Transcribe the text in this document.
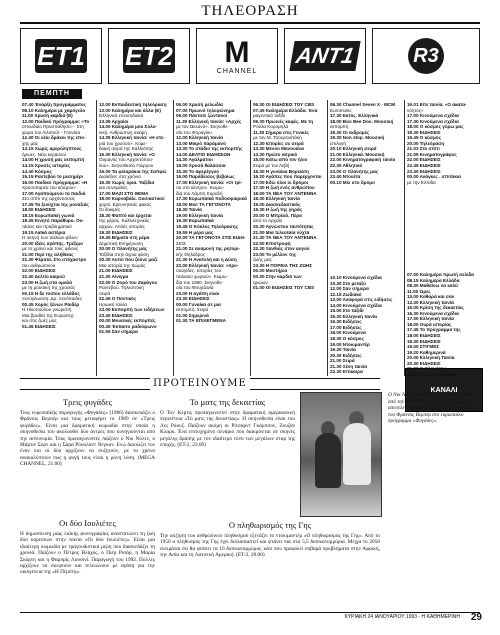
ΤΗΛΕΟΡΑΣΗ
ET1 ET2 M
CHANNEL
ANT1	R3
ΠΕΜΠΤΗ
07.40 Έναρξη προγράμματος
08.10 Καλημέρα με χαμόγελο
11.00 Χρυσή καρδιά (Ε)
12.00 Παιδικό πρόγραμμα: «Το
σπουδαίο Προσπάθησε» - Στη
χώρα του Λιλιπούτ - Γουνίσα
12.40 Οι νέοι δράκοι της επο-
χής μας
13.15 Χωρίς αμερόληπτους
ήρωες. Νέοι κεραυνοί
14.00 Η χρυσή μας εκπομπή
14.15 Χρυσές ιστορίες
14.40 Κόσμος
15.15 Ραντεβού το μεσημέρι
16.00 Παιδικό πρόγραμμα: «Η
Χρυσοπαρέα του κόσμου»
17.00 Αγαπούμενοι τα παιδιά
Στο σπίτι της αρχόντισσας
17.45 Τα ξενύχτια της μοναξιάς
18.00 ΕΙΔΗΣΕΙΣ
18.15 Ευρωπαϊκή γωνιά
18.45 Κινητό παράθυρο. Ου-
τάσεις και προβληματικό
19.15 Λαϊκά αστέρια
Η σκηνή των παλιών φίλων
20.00 Ιδέες αγάπης. Τρέξιμο
με το χρόνο και τους φίλους
21.00 Περί της αλήθειας
21.30 Ψέματα. Στο στόχαστρο
του ανθρώπινου
22.00 ΕΙΔΗΣΕΙΣ
22.40 Δελτίο καιρού
23.00 Η ζωή στα ομαλά
με τη μουσική της χρονιάς
00.15 Η δε τούτου ελλάδος
Ξενόγλωσση. Δρ. Ξενόπαιδες
00.45 Χορός ξένων Ραιδέρ
Η Ηλιοπούλου γνωριστή
Μια βραδιά της Ευρώπης
και στις ζωές μας
01.45 ΕΙΔΗΣΕΙΣ
12.00 Εκπαιδευτική τηλεόραση
13.00 Καλημέρα και άλλα (Ε)
Ελληνικό επεισοδιακό
13.35 Αρχαίοι
14.00 Καλημέρα μου Σολο-
νική. Ανθρώπινη σκέψη
14.35 Ελληνική ταινία: «Η στε-
ριά του χρυσού». Κομε-
διακή σειρά της Καλλιόπης
15.30 Ελληνική ταινία: «Ο
Ουρανός του Αρχοντόπου-
λου». Σκηνοθεσία Γιώργου
16.00 Τα φιλαράκια της Σαπφώ
Διαλέξεις στα χρόνια
16.30 Χωρίς όρια. Ταξίδια
και συνομιλίες
17.00 ΜΑΖΙ ΣΤΟ ΘΕΜΑ
18.00 Καρναβάλι. Ουσιαστικοί
χοροί. Ερευνητικός φακός
Οι δοκιμές
18.30 Φαπτό και έρχεται
της μέρας. Καλλιτεχνικός
αρχών. Απλές ιστορίες
19.30 ΕΙΔΗΣΕΙΣ
19.45 Βήματα στη μέρα
Δημοτική Ενημέρωση
20.00 Ο πλανήτης μας
Ταξίδια στην άγρια φύση
20.30 Αυτοί που ζούνε μαζί
Μια ιστορία της Χώρας
21.00 ΕΙΔΗΣΕΙΣ
21.30 Αίνιγμα
22.00 Ο Ζορό του Ζαράγου
Ραντεβού. Τηλεοπτική
σειρά
22.45 Ο Ποντικός
Ηρωική ταινία
23.00 Εκπομπή των ειδήσεων
23.40 ΕΙΔΗΣΕΙΣ
00.00 Μουσικές εκπομπές
00.45 Έκτακτο ραδιόφωνο
01.55 Σαν σήμερα
06.00 Χρυσή μελωδία
07.00 Πρωινό τηλεφώνημα
09.00 Πάντοτε ζωντανοί
11.30 Ελληνική ταινία: «Αρχές
με τον Ωκεανό». Σκηνοθε-
σία του Φοραγίου
12.00 Ελληνική ταινία
13.00 Μικρό Χαράμανο
13.30 Το στάδιο της εκπομπής
14.00 ΔΕΛΤΙΟ ΕΙΔΗΣΕΩΝ
14.30 Αγαλμάτιοι
15.00 Χρυσά θαλάσσια
15.30 Το αφερέγγυο
16.00 Παράδεισος βεβαίως
17.00 Ελληνική ταινία: «Οι τρί-
τοι στο κέντρο». Κωμω-
δία του Λάμπη Καραλή
17.30 Ευρωπαϊκά ποδοσφαιρικά
18.00 Μινι ΤΑ ΓΕΓΟΝΟΤΑ
18.30 Ταινία
19.00 Ελληνική ταινία
19.30 Ευρωπαϊκά
19.45 Ο Κύκλος Τηλεόρασης
19.55 Η μέρα μας
20.00 ΤΑ ΓΕΓΟΝΟΤΑ ΣΤΙΣ ΕΙΔΗ-
ΣΕΙΣ
21.00 Σε αναμονή της ρητορι-
κής Θηλύδρος
21.30 Η Ανατολή και η Δύση
22.00 Ελληνική ταινία: «Χρυ-
σαυγίδες. Ιστορίες του
παλαιού χωριού». Κωμω-
δία του 1960. Σκηνοθε-
σία του Φουρζανία
23.00 Η αγάπη είναι
23.30 ΕΙΔΗΣΕΙΣ
00.00 Γυναίκα σε μια
εκπομπή. Σειρά
01.00 Σημερινά
01.30 ΤΑ ΕΠΙΛΕΓΜΕΝΑ
06.30 ΟΙ ΕΙΔΗΣΕΙΣ ΤΟΥ CBS
07.45 Καλημέρα Ελλάδα. Ένα
μαγευτικό ταξίδι
09.30 Πρωινές καφές. Με τη
Ρούλα Κορομηλά
11.30 Σήμερα στις Γενικές
με τον Μ. Τσουρουπάκη
12.30 Ιστορίες σε σειρά
13.30 Μενού Μανουάνα
14.30 Πρώτο ιατρικό
15.00 Κάτω από τον ήλιο
Σειρά με τον Λεβή
15.30 Η γυναίκα Βορειάτη
16.20 Αγάπες που παρέρχονται
17.00 Εδώ όλοι οι δρόμοι
17.30 Η ζωή ενός ανθρώπου
18.00 ΤΑ ΝΕΑ ΤΟΥ ΑΝΤΕΝΝΑ
18.30 Ελληνική ταινία
19.00 Διασκεδαστικός
19.30 Η ζωή της γηράς
20.00 Ο Μπρέαλ. Πέρα
από το Αρχαίο
20.30 Αγνώστου ταυτότητας
21.00 Μια τελευταία νύχτα
21.30 ΤΑ ΝΕΑ ΤΟΥ ΑΝΤΕΝΝΑ
22.00 Επιστροφή
22.30 Ξανθιάς στον αυγού
23.00 Το μέλλον της
ζωής μας
23.30 Η ΠΟΡΕΙΑ ΤΗΣ ΖΩΗΣ
00.00 Μυστήρια
00.30 Στην καρδιά των
ηρώων
01.00 ΟΙ ΕΙΔΗΣΕΙΣ ΤΟΥ CBS
06.30 Channel Seven X - MCM
Euromusic
17.30 Εκτός. Ελληνικά
18.00 Boo Bee Doo. Μουσική
εκπομπή
18.30 Οι εκδρομές
19.30 Non stop. Μουσική
επιλογή
20.10 Ελληνική σειρά
21.00 Ελληνικά. Μουσική
22.00 Κινηματογραφική ταινία
22.30 Αθλητικό
23.00 Ο πλανήτης μας
23.40 Ντουέτα
00.10 Mix στο δρόμο
16.01 Είτε ταινία. «Ο ακατα-
νόητος»
17.00 Κινούμενα σχέδια
17.30 Κινούμενα σχέδια
18.00 Ο κόσμος γύρω μας
19.30 ΕΙΔΗΣΕΙΣ
19.45 Ο κόσμος
20.00 Τηλεόραση
21.03 Στο σπίτι
21.05 Κινηματογράφος
22.00 ΕΙΔΗΣΕΙΣ
22.45 ΕΙΔΗΣΕΙΣ
23.40 ΕΙΔΗΣΕΙΣ
00.00 Ανάγκες . σπιτάκια
με την Ελπίδα
10.10 Κινούμενα σχέδια
10.30 Στο μεταξύ
12.00 Σαν σήμερα
12.15 Ζωδιακό
13.00 Αναφορά στις ειδήσεις
14.00 Κινούμενα σχέδια
15.00 Στο ταξίδι
15.30 Ελληνική ταινία
16.30 Ειδήσεις
17.00 Ειδήσεις
18.00 Κινούμενα
18.30 Ο κόσμος
19.00 Ντοκιμαντέρ
19.30 Ταινία
20.30 Ειδήσεις
21.00 Σειρά
21.30 Ξένη ταινία
22.30 Επίκαιρα
ΚΑΝΑΛΙ
07.00 Καλημέρα πρωτή σελίδα
08.15 Καλημέρα Ελλάδα
08.30 Μαθαίνω να καλύ
11.00 Ώρες
13.00 Καθαρά και σαν
13.30 Ελληνική ταινία
15.00 Κρίση της δεκαετίας
16.30 Κινούμενα σχέδια
17.00 Ελληνική ταινία
18.00 Ουρά ιστορίας
17.45 Το πρόγραμμα της
18.00 ΕΙΔΗΣΕΙΣ
18.30 ΕΙΔΗΣΕΙΣ
19.00 ΣΤΙΓΜΕΣ
19.20 Καθημερινά
20.00 Ελληνική Ταινία
20.30 ΕΙΔΗΣΕΙΣ
21.00 Ο πλανήτης
21.30 Κινηματογράφος
ΠΡΟΤΕΙΝΟΥΜΕ
Τρεις φυγάδες
Τους ευρωπαϊκής παραγωγής «Φυγάδες» (1986) διασκευάζει ο Φράνσις Βεμπέρ και τους μεταφέρει το 1989 σε «Τρεις φυγάδες». Είναι μια δραματική κωμωδία στην οποία η σκηνοθεσία του ακολουθεί δύο άντρες που κυνηγιούνται από την αστυνομία. Τους πρωταγωνιστές παίζουν ο Νικ Νόλτε, ο Μάρτιν Σορτ και η Σάρα Ρόουλαντ Νεγκαν. Ενώ διασώζει τον έναν και οι δύο αρχίζουν να συζητούν, με το χρόνο ανακαλύπτουν πως η φυγή τους είναι η μόνη λύση. (MEGA CHANNEL, 21.00)
Οι δύο Ιουλιέτες
Η δημοσίευση μιας λαϊκής φωτογραφίας αναστατώνει τη ζωή δύο κοριτσιών στην ταινία «Οι δύο Ιουλιέτες». Είναι μια ιδιαίτερη κωμωδία με τραγουδιστικά μέρη που διασκεδάζει τη χρονιά. Παίζουν ο Πέτρος Βλάχος, ο Πιέρ Ρισάρ, η Μαρία Σκόρτη και η Φαμπρίς Λουσινί. Παραγωγή του 1992. Πολλές αρχίζουν να σκεφτούν και τελειώνουν με αγάπη για την οικογένεια της «Η Πέμπτη».
Το ματς της δεκαετίας
Ο Τον Κέρτις πρωταγωνιστεί στην δραματική αμερικανική περιπέτεια «Το ματς της δεκαετίας». Η σκηνοθεσία είναι του Λες Ρόουζ. Παίζουν ακόμη οι Ρίτσαρντ Γκάμπσον, Ζουζάν Κλαρκ. Ένα επιτυχημένο σενάριο που διακρίνεται σε σκηνές μεγάλης δράσης με τον ιδιαίτερο τόνο των μεγάλων σταρ της εποχής. (ΕΤ-2, 23.00)
Ο Νικ Νόλτε και ο Μάρτιν Σορτ σε σκηνή από την περιπέτεια «Τρεις φυγάδες», που αποτελεί διασκευή της γαλλικής κωμωδίας του Φράνσις Βεμπέρ στο ευρωπαϊκό πρόγραμμα «Φυγάδες».
Ο πληθωρισμός της Γης
Την αύξηση του ανθρώπινου πληθυσμού εξετάζει το ντοκιμαντέρ «Ο πληθωρισμός της Γης». Από το 1950 ο πληθυσμός της Γης έχει διπλασιαστεί και φτάνει πια στα 5,5 δισεκατομμύρια. Μέχρι το 2050 εκτιμάται ότι θα φτάσει τα 10 δισεκατομμύρια, κάτι που προκαλεί σοβαρά προβλήματα στην Αφρική, την Ασία και τη Λατινική Αμερική. (ΕΤ-2, 20.00)
ΚΥΡΙΑΚΗ 24 ΙΑΝΟΥΑΡΙΟΥ 1993 - Η ΚΑΘΗΜΕΡΙΝΗ	29
